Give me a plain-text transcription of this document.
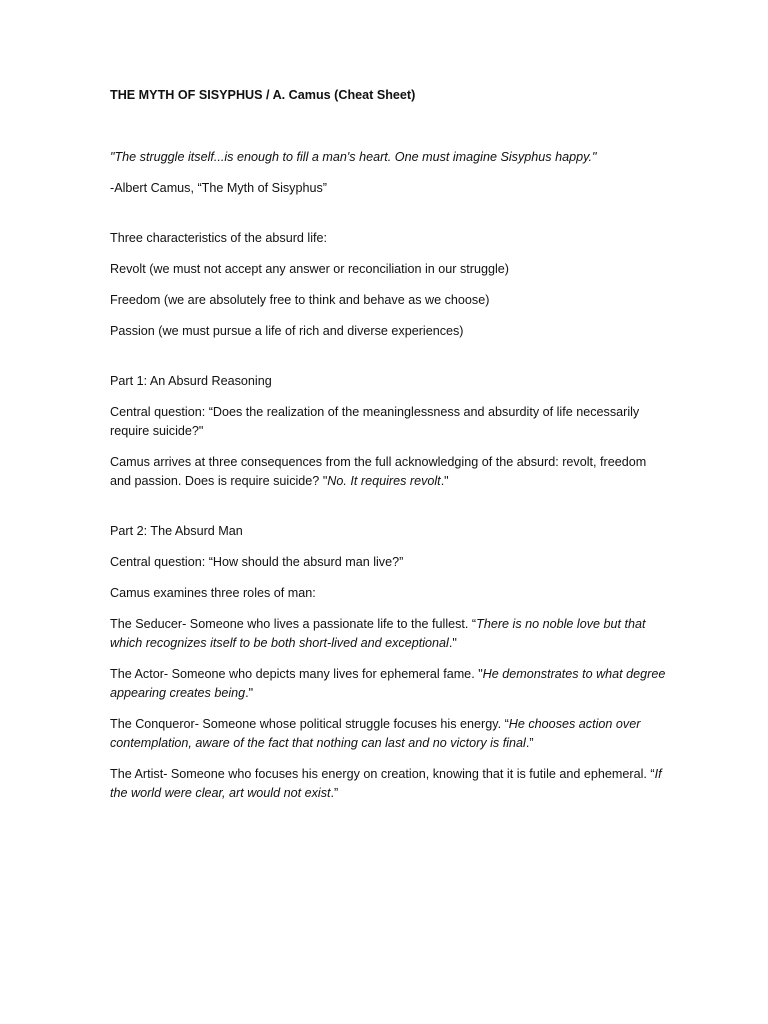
THE MYTH OF SISYPHUS / A. Camus (Cheat Sheet)
"The struggle itself...is enough to fill a man's heart. One must imagine Sisyphus happy."
-Albert Camus, “The Myth of Sisyphus”
Three characteristics of the absurd life:
Revolt (we must not accept any answer or reconciliation in our struggle)
Freedom (we are absolutely free to think and behave as we choose)
Passion (we must pursue a life of rich and diverse experiences)
Part 1: An Absurd Reasoning
Central question: “Does the realization of the meaninglessness and absurdity of life necessarily require suicide?"
Camus arrives at three consequences from the full acknowledging of the absurd: revolt, freedom and passion. Does is require suicide? "No. It requires revolt."
Part 2: The Absurd Man
Central question: “How should the absurd man live?”
Camus examines three roles of man:
The Seducer- Someone who lives a passionate life to the fullest. “There is no noble love but that which recognizes itself to be both short-lived and exceptional."
The Actor- Someone who depicts many lives for ephemeral fame. "He demonstrates to what degree appearing creates being."
The Conqueror- Someone whose political struggle focuses his energy. “He chooses action over contemplation, aware of the fact that nothing can last and no victory is final.”
The Artist- Someone who focuses his energy on creation, knowing that it is futile and ephemeral. “If the world were clear, art would not exist.”
